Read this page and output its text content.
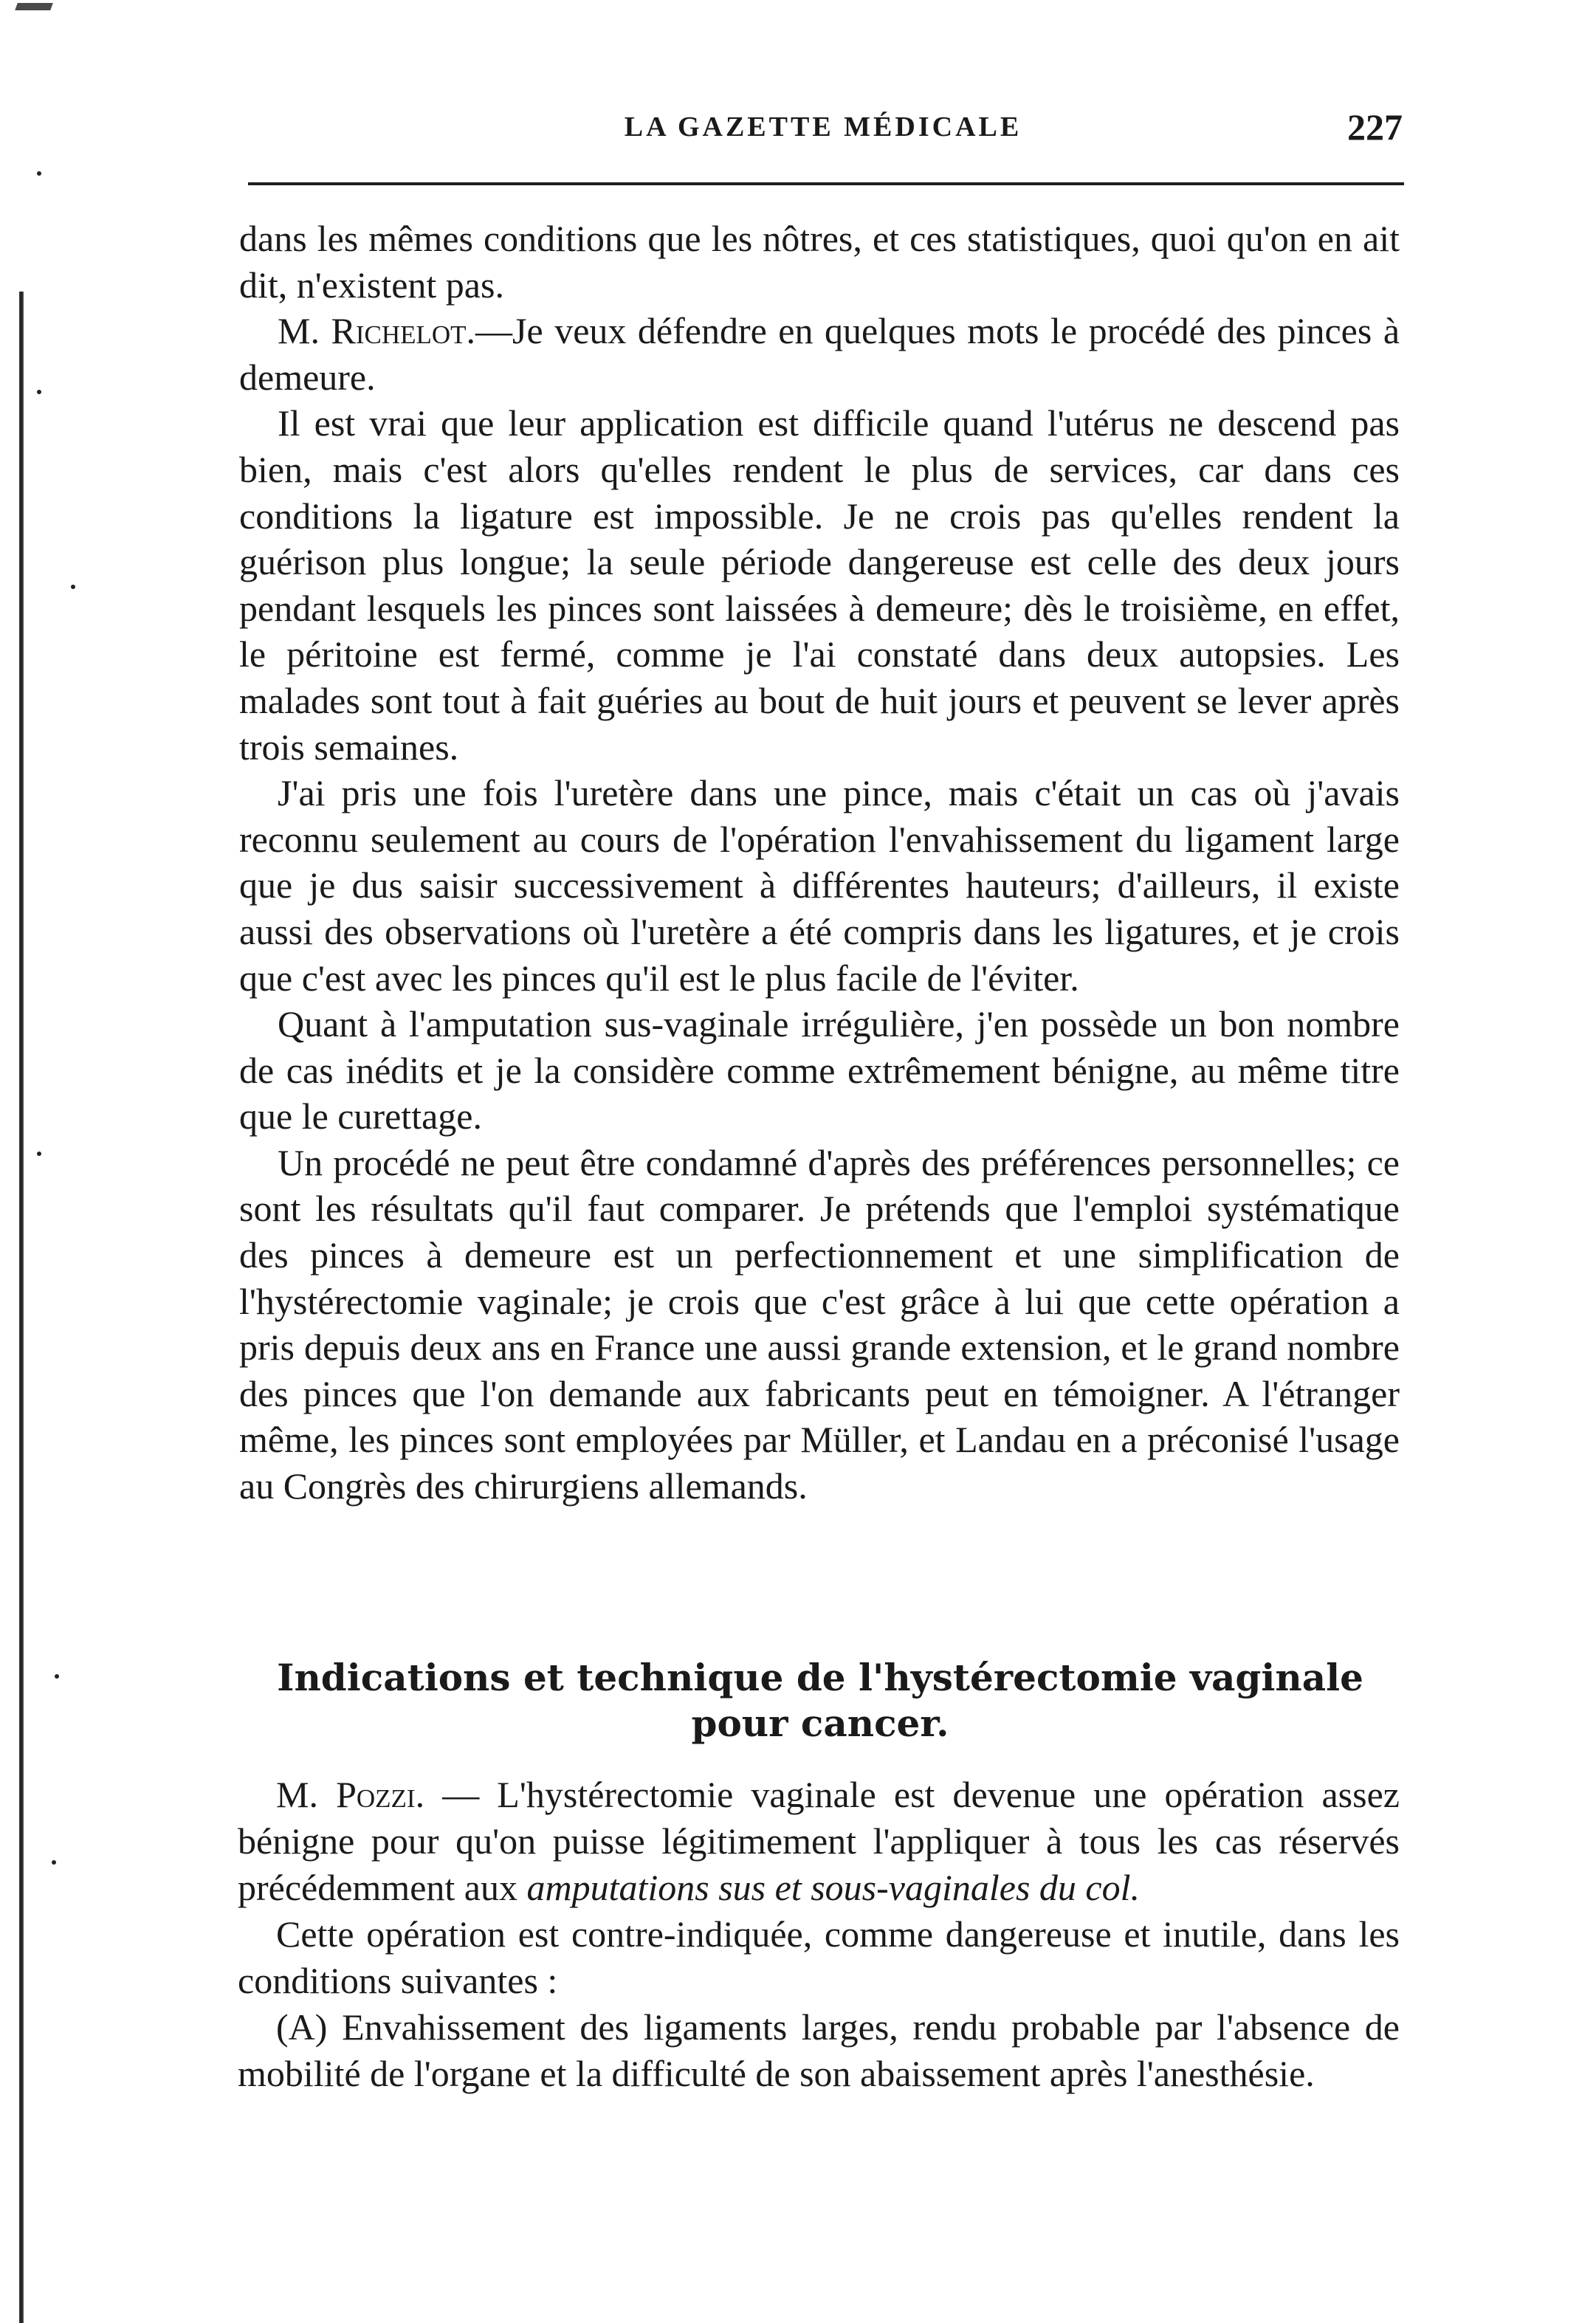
LA GAZETTE MÉDICALE	227

dans les mêmes conditions que les nôtres, et ces statistiques, quoi qu'on en ait dit, n'existent pas.

M. Richelot.—Je veux défendre en quelques mots le procédé des pinces à demeure.

Il est vrai que leur application est difficile quand l'utérus ne descend pas bien, mais c'est alors qu'elles rendent le plus de services, car dans ces conditions la ligature est impossible. Je ne crois pas qu'elles rendent la guérison plus longue; la seule période dangereuse est celle des deux jours pendant lesquels les pinces sont laissées à demeure; dès le troisième, en effet, le péritoine est fermé, comme je l'ai constaté dans deux autopsies. Les malades sont tout à fait guéries au bout de huit jours et peuvent se lever après trois semaines.

J'ai pris une fois l'uretère dans une pince, mais c'était un cas où j'avais reconnu seulement au cours de l'opération l'envahissement du ligament large que je dus saisir successivement à différentes hauteurs; d'ailleurs, il existe aussi des observations où l'uretère a été compris dans les ligatures, et je crois que c'est avec les pinces qu'il est le plus facile de l'éviter.

Quant à l'amputation sus-vaginale irrégulière, j'en possède un bon nombre de cas inédits et je la considère comme extrêmement bénigne, au même titre que le curettage.

Un procédé ne peut être condamné d'après des préférences personnelles; ce sont les résultats qu'il faut comparer. Je prétends que l'emploi systématique des pinces à demeure est un perfectionnement et une simplification de l'hystérectomie vaginale; je crois que c'est grâce à lui que cette opération a pris depuis deux ans en France une aussi grande extension, et le grand nombre des pinces que l'on demande aux fabricants peut en témoigner. A l'étranger même, les pinces sont employées par Müller, et Landau en a préconisé l'usage au Congrès des chirurgiens allemands.

Indications et technique de l'hystérectomie vaginale
pour cancer.

M. Pozzi. — L'hystérectomie vaginale est devenue une opération assez bénigne pour qu'on puisse légitimement l'appliquer à tous les cas réservés précédemment aux amputations sus et sous-vaginales du col.

Cette opération est contre-indiquée, comme dangereuse et inutile, dans les conditions suivantes :

(A) Envahissement des ligaments larges, rendu probable par l'absence de mobilité de l'organe et la difficulté de son abaissement après l'anesthésie.
